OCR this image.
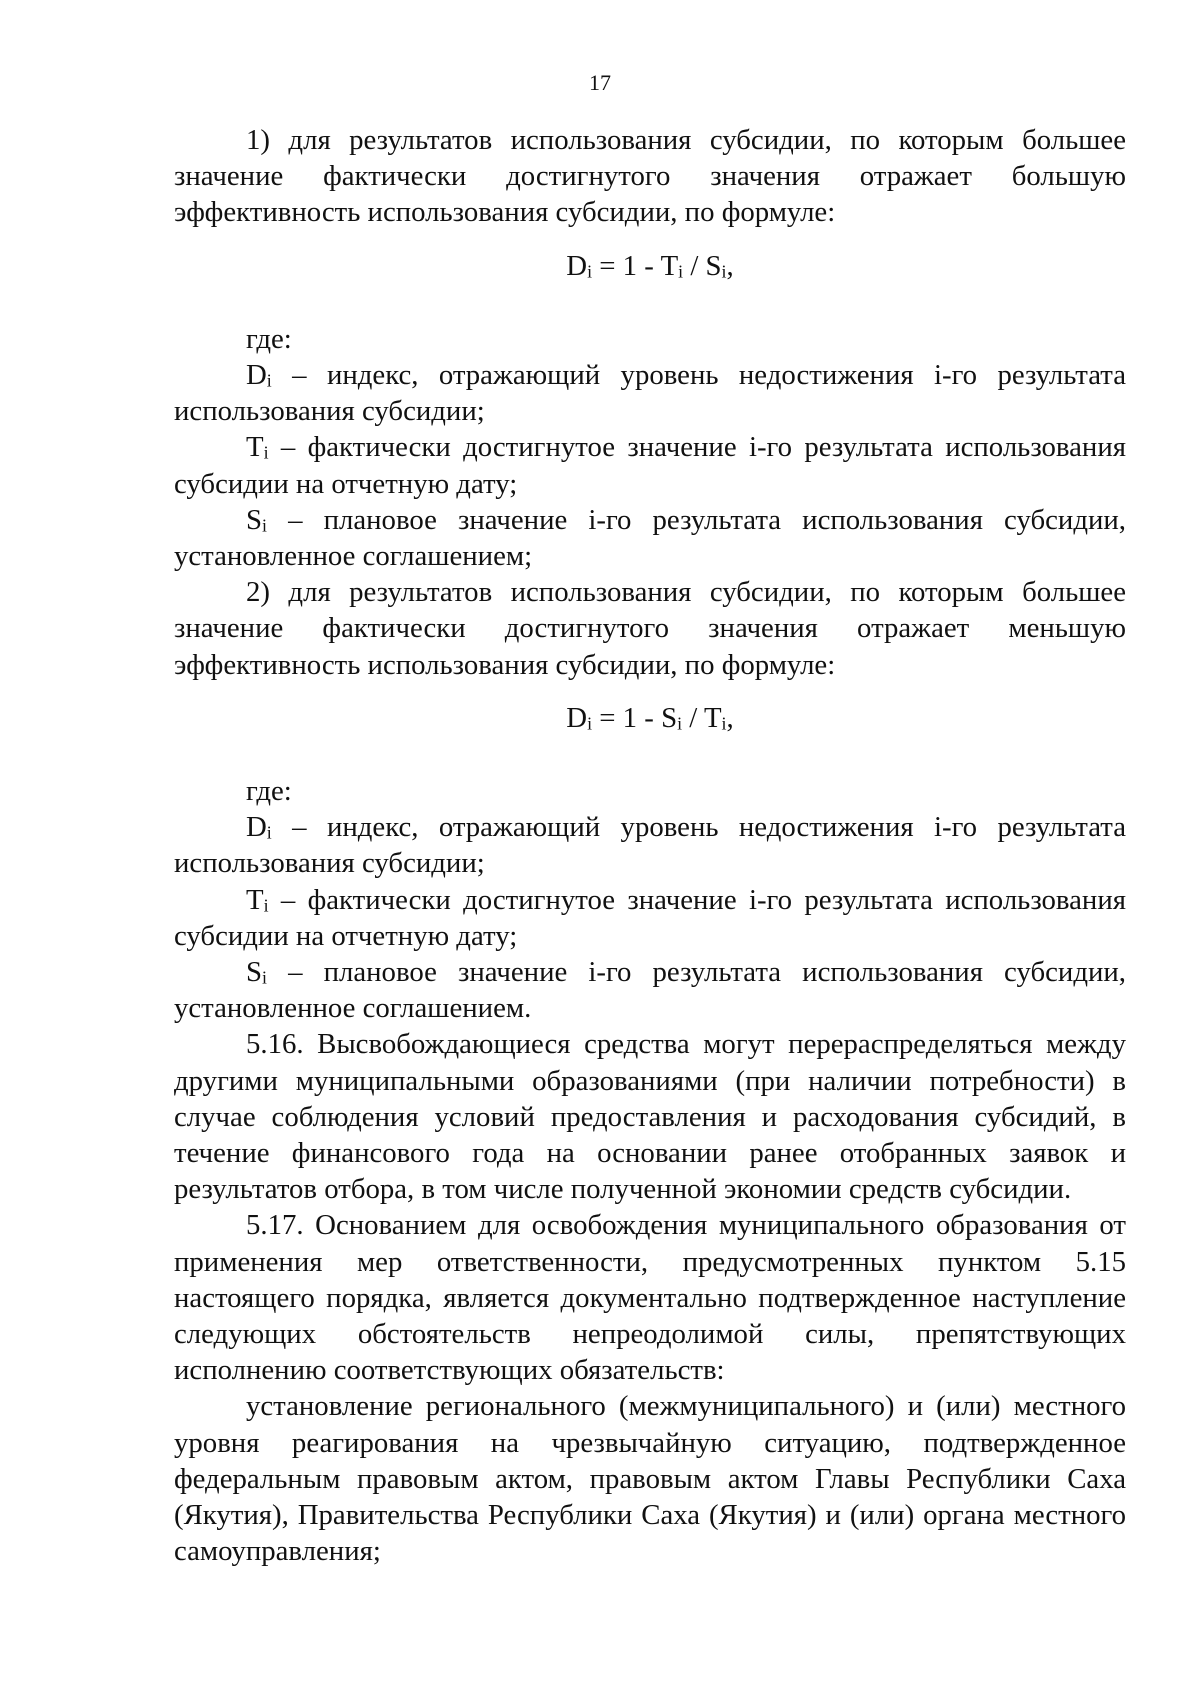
17

1) для результатов использования субсидии, по которым большее значение фактически достигнутого значения отражает большую эффективность использования субсидии, по формуле:

$D_i = 1 - T_i / S_i$,

где:

$D_i$ – индекс, отражающий уровень недостижения i-го результата использования субсидии;

$T_i$ – фактически достигнутое значение i-го результата использования субсидии на отчетную дату;

$S_i$ – плановое значение i-го результата использования субсидии, установленное соглашением;

2) для результатов использования субсидии, по которым большее значение фактически достигнутого значения отражает меньшую эффективность использования субсидии, по формуле:

$D_i = 1 - S_i / T_i$,

где:

$D_i$ – индекс, отражающий уровень недостижения i-го результата использования субсидии;

$T_i$ – фактически достигнутое значение i-го результата использования субсидии на отчетную дату;

$S_i$ – плановое значение i-го результата использования субсидии, установленное соглашением.

5.16. Высвобождающиеся средства могут перераспределяться между другими муниципальными образованиями (при наличии потребности) в случае соблюдения условий предоставления и расходования субсидий, в течение финансового года на основании ранее отобранных заявок и результатов отбора, в том числе полученной экономии средств субсидии.

5.17. Основанием для освобождения муниципального образования от применения мер ответственности, предусмотренных пунктом 5.15 настоящего порядка, является документально подтвержденное наступление следующих обстоятельств непреодолимой силы, препятствующих исполнению соответствующих обязательств:

установление регионального (межмуниципального) и (или) местного уровня реагирования на чрезвычайную ситуацию, подтвержденное федеральным правовым актом, правовым актом Главы Республики Саха (Якутия), Правительства Республики Саха (Якутия) и (или) органа местного самоуправления;
